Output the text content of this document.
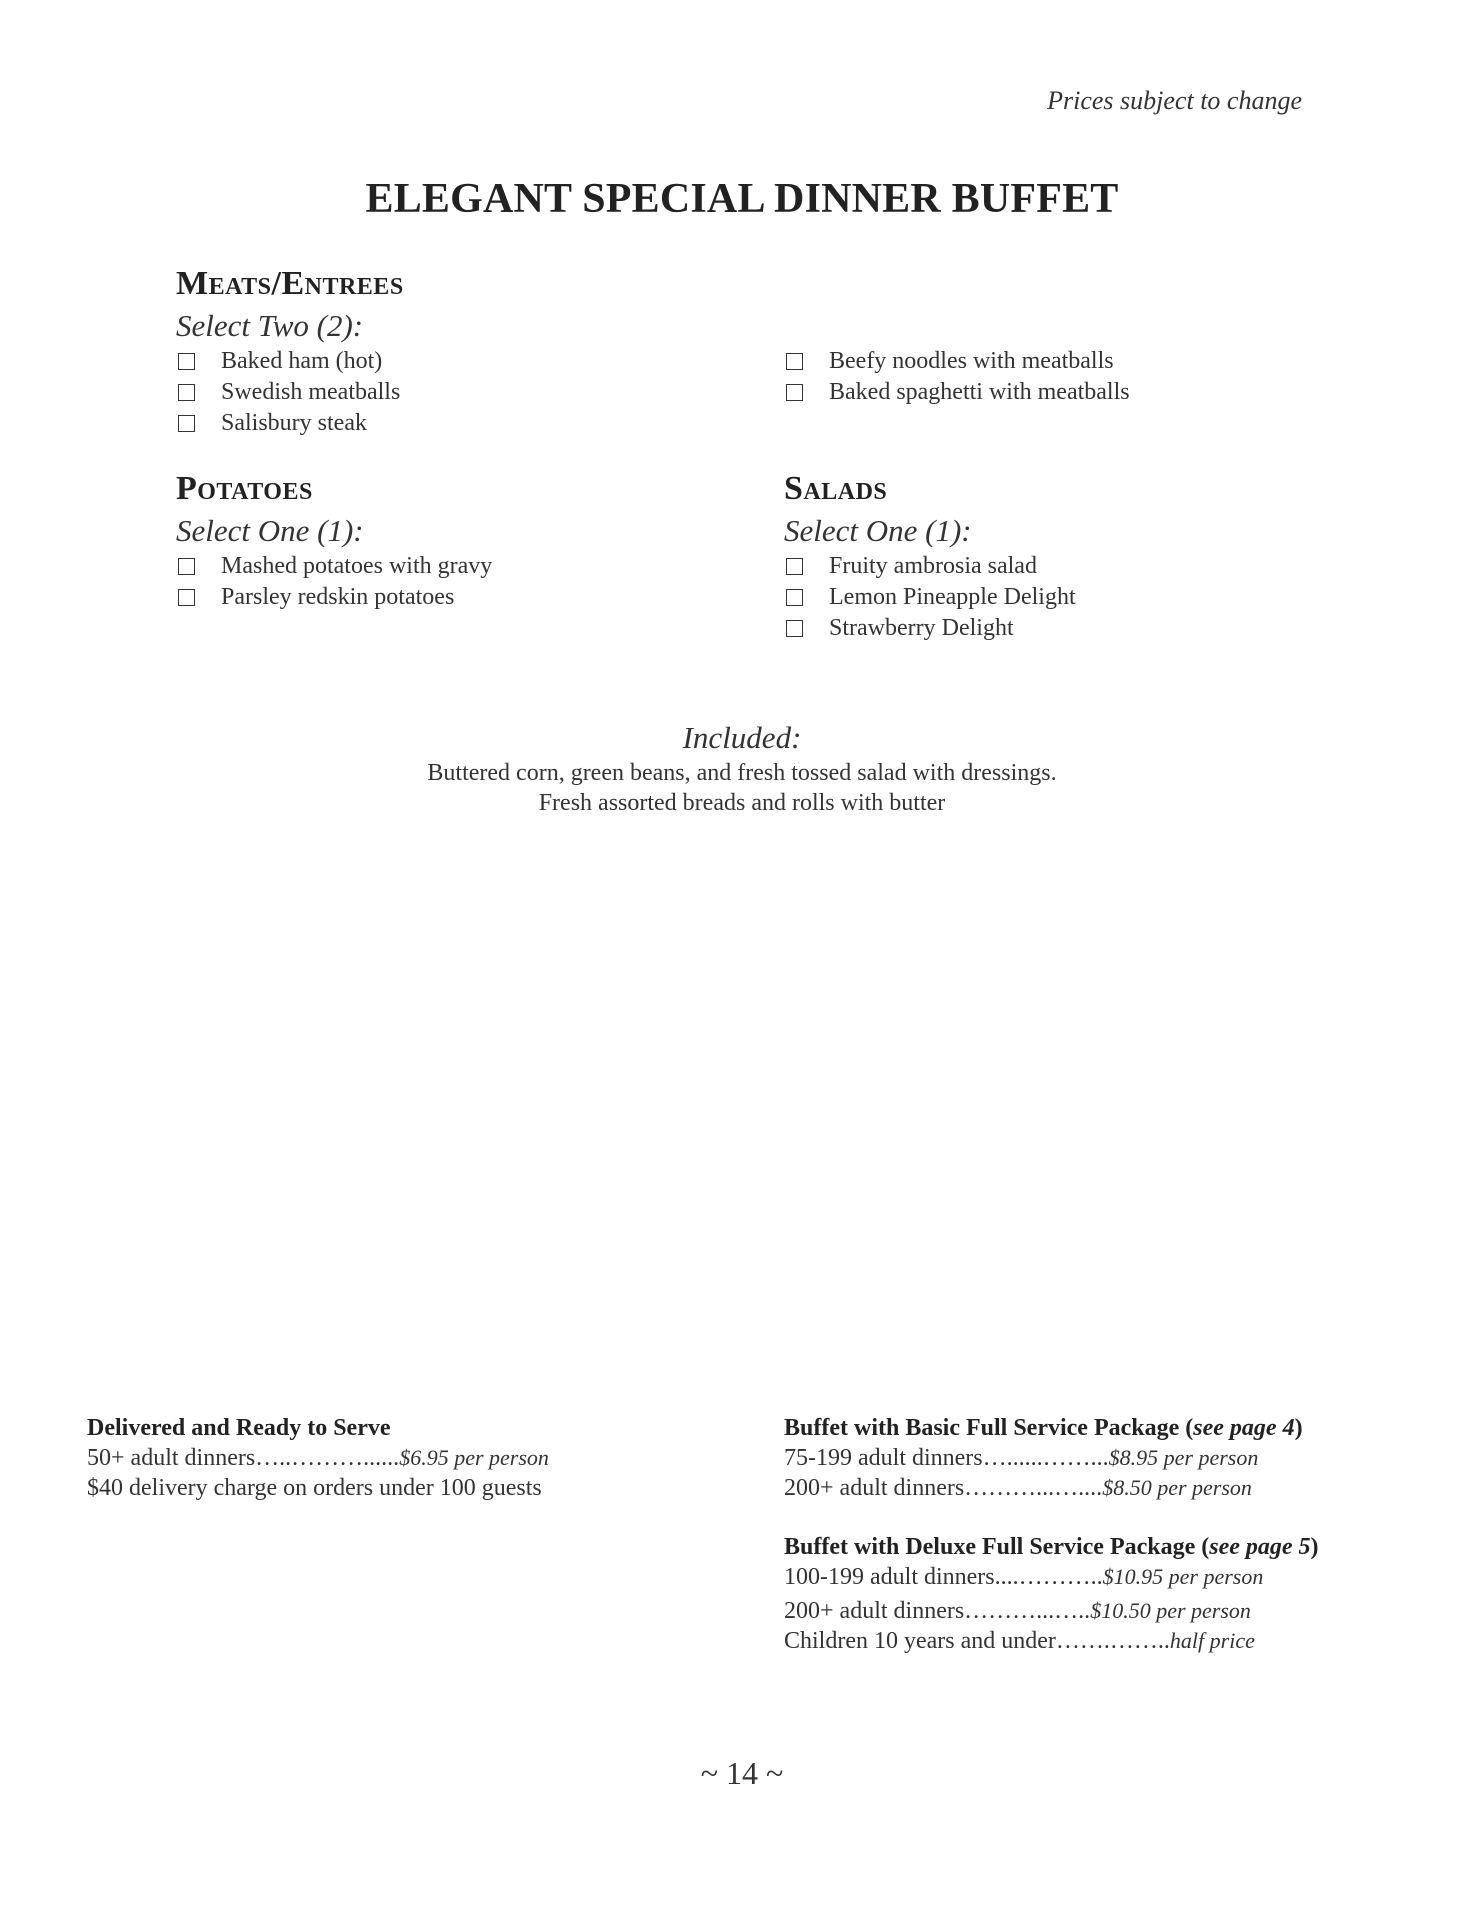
Prices subject to change
ELEGANT SPECIAL DINNER BUFFET
Meats/Entrees
Select Two (2):
Baked ham (hot)
Swedish meatballs
Salisbury steak
Beefy noodles with meatballs
Baked spaghetti with meatballs
Potatoes
Select One (1):
Mashed potatoes with gravy
Parsley redskin potatoes
Salads
Select One (1):
Fruity ambrosia salad
Lemon Pineapple Delight
Strawberry Delight
Included:
Buttered corn, green beans, and fresh tossed salad with dressings.
Fresh assorted breads and rolls with butter
Delivered and Ready to Serve
50+ adult dinners…..………......$6.95 per person
$40 delivery charge on orders under 100 guests
Buffet with Basic Full Service Package (see page 4)
75-199 adult dinners…......……...$8.95 per person
200+ adult dinners………...…....$8.50 per person
Buffet with Deluxe Full Service Package (see page 5)
100-199 adult dinners....………..$10.95 per person
200+ adult dinners………...…..$10.50 per person
Children 10 years and under…….……..half price
~ 14 ~
